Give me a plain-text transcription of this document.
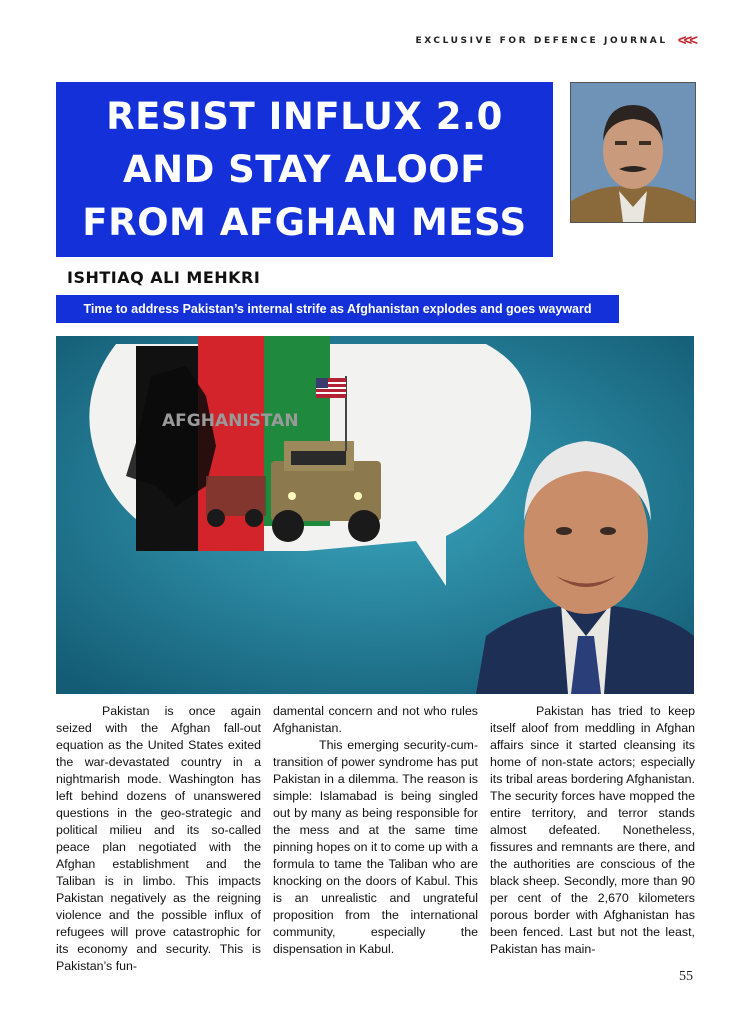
EXCLUSIVE FOR DEFENCE JOURNAL <<<
RESIST INFLUX 2.0 AND STAY ALOOF FROM AFGHAN MESS
ISHTIAQ ALI MEHKRI
Time to address Pakistan’s internal strife as Afghanistan explodes and goes wayward
AFGHANISTAN
Pakistan is once again seized with the Afghan fall-out equation as the United States exited the war-devastated country in a nightmarish mode. Washington has left behind dozens of unanswered questions in the geo-strategic and political milieu and its so-called peace plan negotiated with the Afghan establishment and the Taliban is in limbo. This impacts Pakistan negatively as the reigning violence and the possible influx of refugees will prove catastrophic for its economy and security. This is Pakistan’s fun-

damental concern and not who rules Afghanistan.

This emerging security-cum-transition of power syndrome has put Pakistan in a dilemma. The reason is simple: Islamabad is being singled out by many as being responsible for the mess and at the same time pinning hopes on it to come up with a formula to tame the Taliban who are knocking on the doors of Kabul. This is an unrealistic and ungrateful proposition from the international community, especially the dispensation in Kabul.

Pakistan has tried to keep itself aloof from meddling in Afghan affairs since it started cleansing its home of non-state actors; especially its tribal areas bordering Afghanistan. The security forces have mopped the entire territory, and terror stands almost defeated. Nonetheless, fissures and remnants are there, and the authorities are conscious of the black sheep. Secondly, more than 90 per cent of the 2,670 kilometers porous border with Afghanistan has been fenced. Last but not the least, Pakistan has main-
55
